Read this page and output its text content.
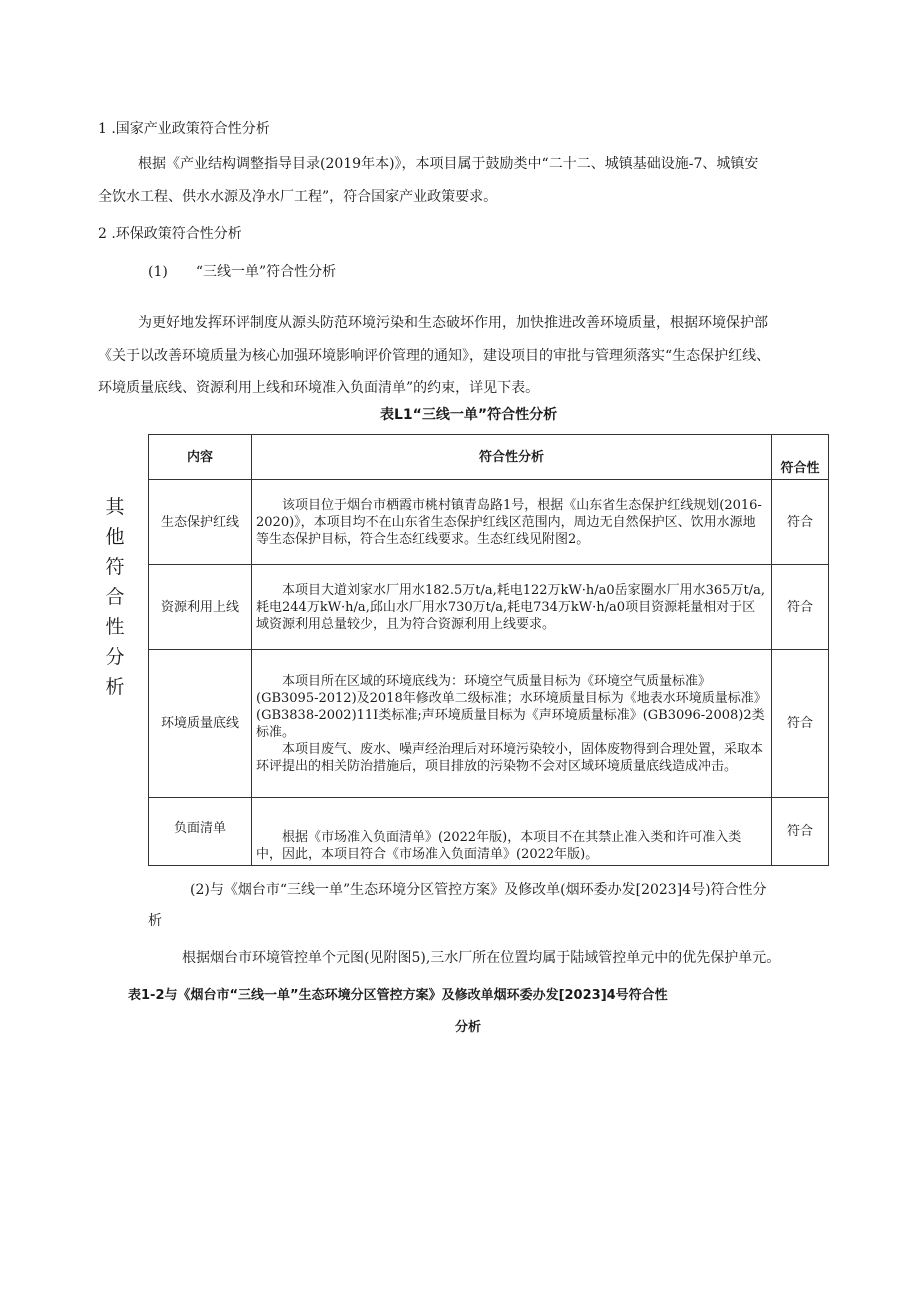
1 .国家产业政策符合性分析
根据《产业结构调整指导目录(2019年本)》，本项目属于鼓励类中“二十二、城镇基础设施-7、城镇安
全饮水工程、供水水源及净水厂工程”，符合国家产业政策要求。
2 .环保政策符合性分析
(1)　　“三线一单”符合性分析
为更好地发挥环评制度从源头防范环境污染和生态破坏作用，加快推进改善环境质量，根据环境保护部
《关于以改善环境质量为核心加强环境影响评价管理的通知》，建设项目的审批与管理须落实“生态保护红线、
环境质量底线、资源利用上线和环境准入负面清单”的约束，详见下表。
表L1“三线一单”符合性分析
其
他
符
合
性
分
析
内容	符合性分析	符合性
生态保护红线	该项目位于烟台市栖霞市桃村镇青岛路1号，根据《山东省生态保护红线规划(2016-2020)》，本项目均不在山东省生态保护红线区范围内，周边无自然保护区、饮用水源地等生态保护目标，符合生态红线要求。生态红线见附图2。	符合
资源利用上线	本项目大道刘家水厂用水182.5万t/a,耗电122万kW·h/a0岳家圈水厂用水365万t/a,耗电244万kW·h/a,邱山水厂用水730万t/a,耗电734万kW·h/a0项目资源耗量相对于区域资源利用总量较少，且为符合资源利用上线要求。	符合
环境质量底线	本项目所在区域的环境底线为：环境空气质量目标为《环境空气质量标准》(GB3095-2012)及2018年修改单二级标准；水环境质量目标为《地表水环境质量标准》(GB3838-2002)11I类标准;声环境质量目标为《声环境质量标准》(GB3096-2008)2类标准。
本项目废气、废水、噪声经治理后对环境污染较小，固体废物得到合理处置，采取本环评提出的相关防治措施后，项目排放的污染物不会对区域环境质量底线造成冲击。	符合
负面清单	根据《市场准入负面清单》(2022年版)，本项目不在其禁止准入类和许可准入类中，因此，本项目符合《市场准入负面清单》(2022年版)。	符合
(2)与《烟台市“三线一单”生态环境分区管控方案》及修改单(烟环委办发[2023]4号)符合性分
析
根据烟台市环境管控单个元图(见附图5),三水厂所在位置均属于陆域管控单元中的优先保护单元。
表1-2与《烟台市“三线一单”生态环境分区管控方案》及修改单烟环委办发[2023]4号符合性
分析
